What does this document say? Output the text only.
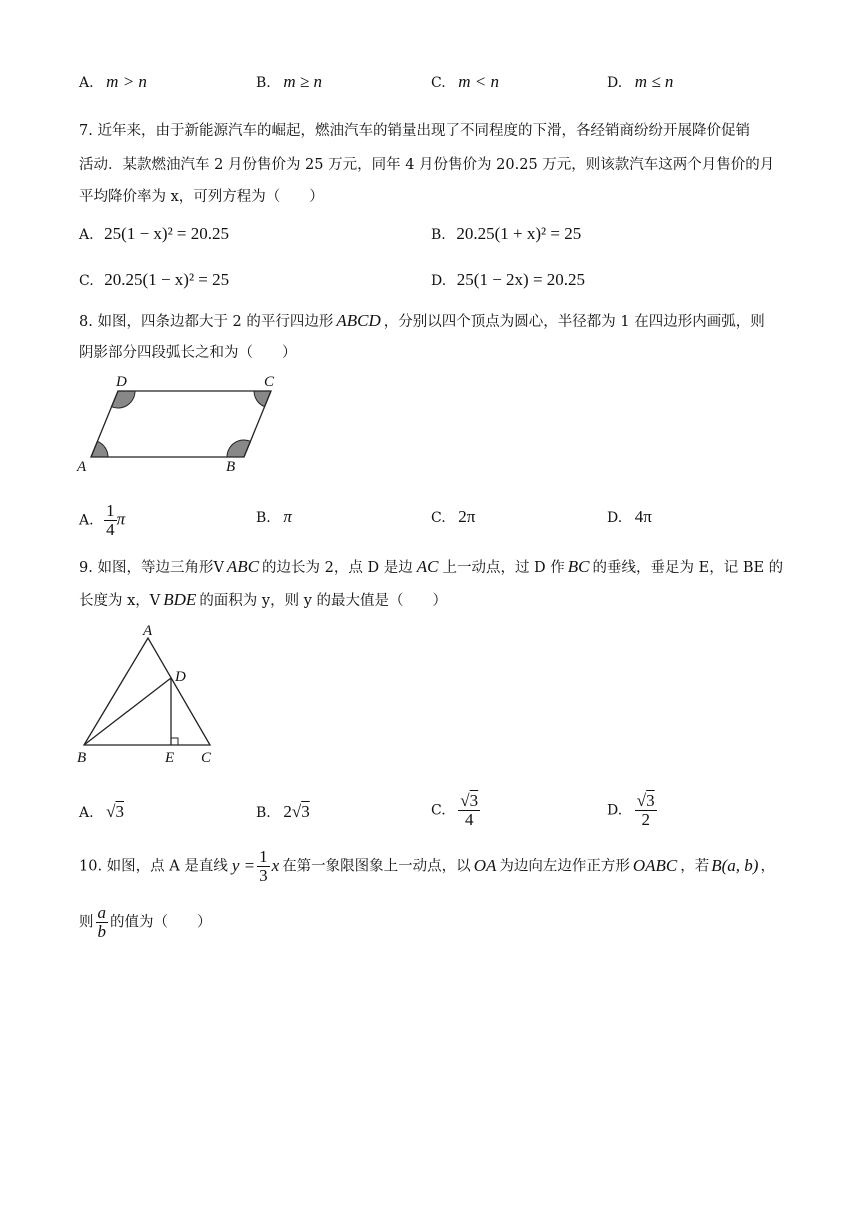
A. m > n	B. m ≥ n	C. m < n	D. m ≤ n
7. 近年来，由于新能源汽车的崛起，燃油汽车的销量出现了不同程度的下滑，各经销商纷纷开展降价促销
活动．某款燃油汽车 2 月份售价为 25 万元，同年 4 月份售价为 20.25 万元，则该款汽车这两个月售价的月
平均降价率为 x，可列方程为（　　）
A. 25(1 − x)² = 20.25	B. 20.25(1 + x)² = 25
C. 20.25(1 − x)² = 25	D. 25(1 − 2x) = 20.25
8. 如图，四条边都大于 2 的平行四边形 ABCD ，分别以四个顶点为圆心，半径都为 1 在四边形内画弧，则
阴影部分四段弧长之和为（　　）
D	C
A	B
A. $\frac{1}{4}$ π	B. π	C. 2π	D. 4π
9. 如图，等边三角形V ABC 的边长为 2，点 D 是边 AC 上一动点，过 D 作 BC 的垂线，垂足为 E，记 BE 的
长度为 x，V BDE 的面积为 y，则 y 的最大值是（　　）
A
D
B	E C
A. √3	B. 2√3	C. $\frac{√3}{4}$	D. $\frac{√3}{2}$
10. 如图，点 A 是直线 $y = \frac{1}{3}$ x 在第一象限图象上一动点，以 OA 为边向左边作正方形 OABC ，若 B(a, b) ，
则 $\frac{a}{b}$ 的值为（　　）
